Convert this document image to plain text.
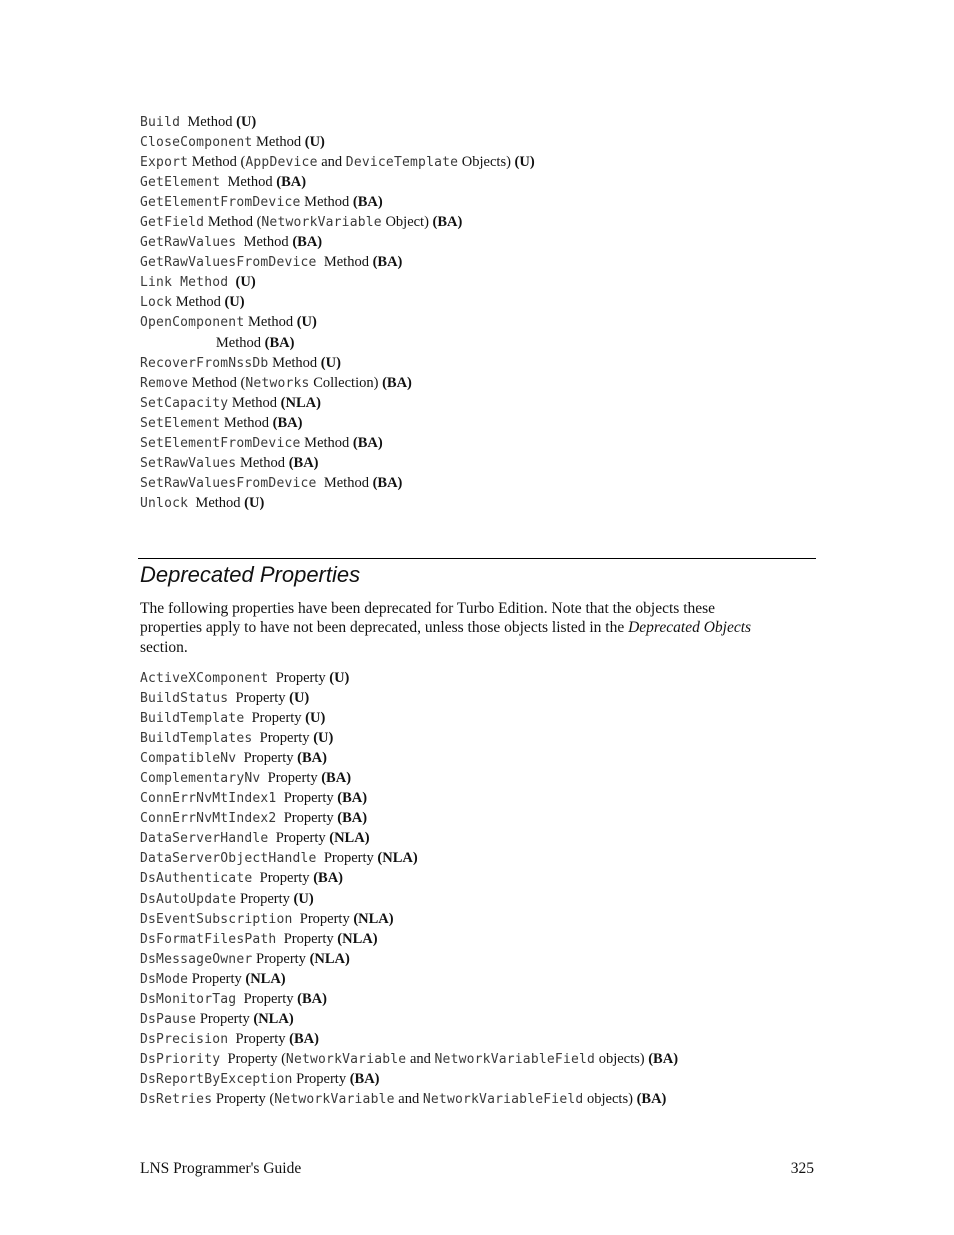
Build  Method (U)
CloseComponent Method (U)
Export Method (AppDevice and DeviceTemplate Objects) (U)
GetElement  Method (BA)
GetElementFromDevice Method (BA)
GetField Method (NetworkVariable Object) (BA)
GetRawValues  Method (BA)
GetRawValuesFromDevice  Method (BA)
Link Method (U)
Lock Method (U)
OpenComponent Method (U)
Method (BA)
RecoverFromNssDb Method (U)
Remove Method (Networks Collection) (BA)
SetCapacity Method (NLA)
SetElement Method (BA)
SetElementFromDevice Method (BA)
SetRawValues Method (BA)
SetRawValuesFromDevice  Method (BA)
Unlock  Method (U)
Deprecated Properties

The following properties have been deprecated for Turbo Edition. Note that the objects these properties apply to have not been deprecated, unless those objects listed in the Deprecated Objects section.

ActiveXComponent  Property (U)
BuildStatus  Property (U)
BuildTemplate  Property (U)
BuildTemplates  Property (U)
CompatibleNv  Property (BA)
ComplementaryNv  Property (BA)
ConnErrNvMtIndex1  Property (BA)
ConnErrNvMtIndex2  Property (BA)
DataServerHandle  Property (NLA)
DataServerObjectHandle  Property (NLA)
DsAuthenticate  Property (BA)
DsAutoUpdate Property (U)
DsEventSubscription  Property (NLA)
DsFormatFilesPath  Property (NLA)
DsMessageOwner Property (NLA)
DsMode Property (NLA)
DsMonitorTag  Property (BA)
DsPause Property (NLA)
DsPrecision  Property (BA)
DsPriority  Property (NetworkVariable and NetworkVariableField objects) (BA)
DsReportByException Property (BA)
DsRetries Property (NetworkVariable and NetworkVariableField objects) (BA)
LNS Programmer's Guide	325
